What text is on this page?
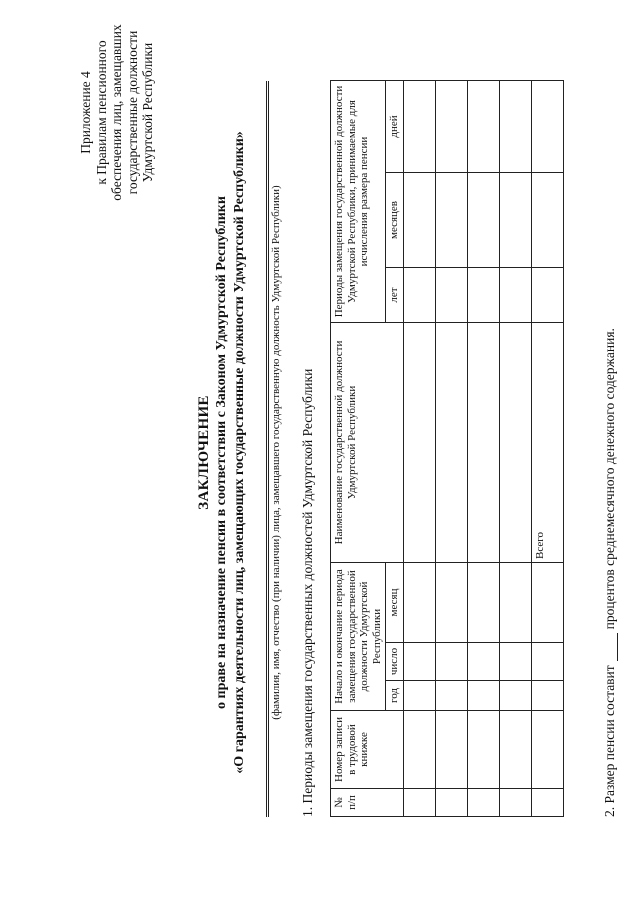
Приложение 4 к Правилам пенсионного обеспечения лиц, замещавших государственные должности Удмуртской Республики
ЗАКЛЮЧЕНИЕ о праве на назначение пенсии в соответствии с Законом Удмуртской Республики «О гарантиях деятельности лиц, замещающих государственные должности Удмуртской Республики» (фамилия, имя, отчество (при наличии) лица, замещавшего государственную должность Удмуртской Республики) 1. Периоды замещения государственных должностей Удмуртской Республики № п/п	Номер записи в трудовой книжке	Начало и окончание периода замещения государственной должности Удмуртской Республики			Наименование государственной должности Удмуртской Республики	Периоды замещения государственной должности Удмуртской Республики, принимаемые для исчисления размера пенсии		
		год	число	месяц		лет	месяцев	дней

					Всего			
2. Размер пенсии составитпроцентов среднемесячного денежного содержания.
